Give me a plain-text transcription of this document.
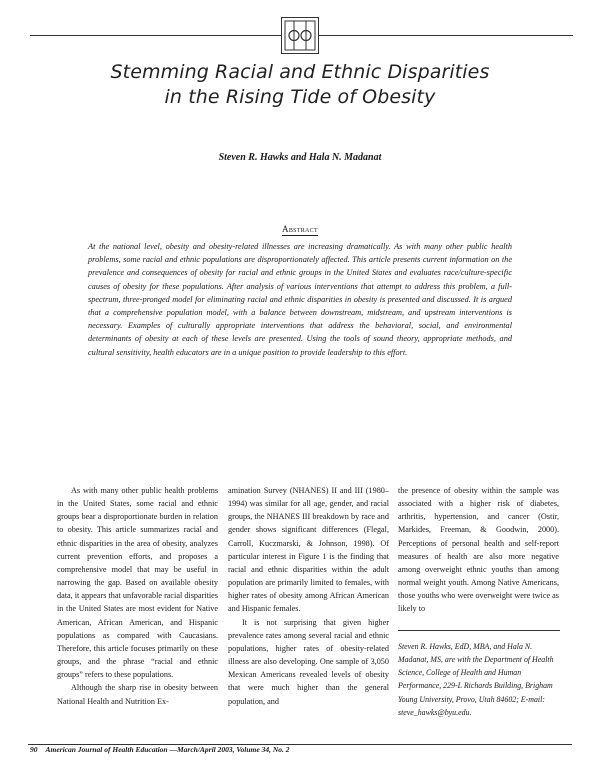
Stemming Racial and Ethnic Disparities
in the Rising Tide of Obesity
Steven R. Hawks and Hala N. Madanat
Abstract
At the national level, obesity and obesity-related illnesses are increasing dramatically. As with many other public health problems, some racial and ethnic populations are disproportionately affected. This article presents current information on the prevalence and consequences of obesity for racial and ethnic groups in the United States and evaluates race/culture-specific causes of obesity for these populations. After analysis of various interventions that attempt to address this problem, a full-spectrum, three-pronged model for eliminating racial and ethnic disparities in obesity is presented and discussed. It is argued that a comprehensive population model, with a balance between downstream, midstream, and upstream interventions is necessary. Examples of culturally appropriate interventions that address the behavioral, social, and environmental determinants of obesity at each of these levels are presented. Using the tools of sound theory, appropriate methods, and cultural sensitivity, health educators are in a unique position to provide leadership to this effort.

As with many other public health problems in the United States, some racial and ethnic groups bear a disproportionate burden in relation to obesity. This article summarizes racial and ethnic disparities in the area of obesity, analyzes current prevention efforts, and proposes a comprehensive model that may be useful in narrowing the gap. Based on available obesity data, it appears that unfavorable racial disparities in the United States are most evident for Native American, African American, and Hispanic populations as compared with Caucasians. Therefore, this article focuses primarily on these groups, and the phrase “racial and ethnic groups” refers to these populations.

Although the sharp rise in obesity between National Health and Nutrition Ex-

amination Survey (NHANES) II and III (1980–1994) was similar for all age, gender, and racial groups, the NHANES III breakdown by race and gender shows significant differences (Flegal, Carroll, Kuczmarski, & Johnson, 1998). Of particular interest in Figure 1 is the finding that racial and ethnic disparities within the adult population are primarily limited to females, with higher rates of obesity among African American and Hispanic females.

It is not surprising that given higher prevalence rates among several racial and ethnic populations, higher rates of obesity-related illness are also developing. One sample of 3,050 Mexican Americans revealed levels of obesity that were much higher than the general population, and

the presence of obesity within the sample was associated with a higher risk of diabetes, arthritis, hypertension, and cancer (Ostir, Markides, Freeman, & Goodwin, 2000). Perceptions of personal health and self-report measures of health are also more negative among overweight ethnic youths than among normal weight youth. Among Native Americans, those youths who were overweight were twice as likely to

Steven R. Hawks, EdD, MBA, and Hala N. Madanat, MS, are with the Department of Health Science, College of Health and Human Performance, 229-L Richards Building, Brigham Young University, Provo, Utah 84602; E-mail: steve_hawks@byu.edu.
90 American Journal of Health Education —March/April 2003, Volume 34, No. 2
